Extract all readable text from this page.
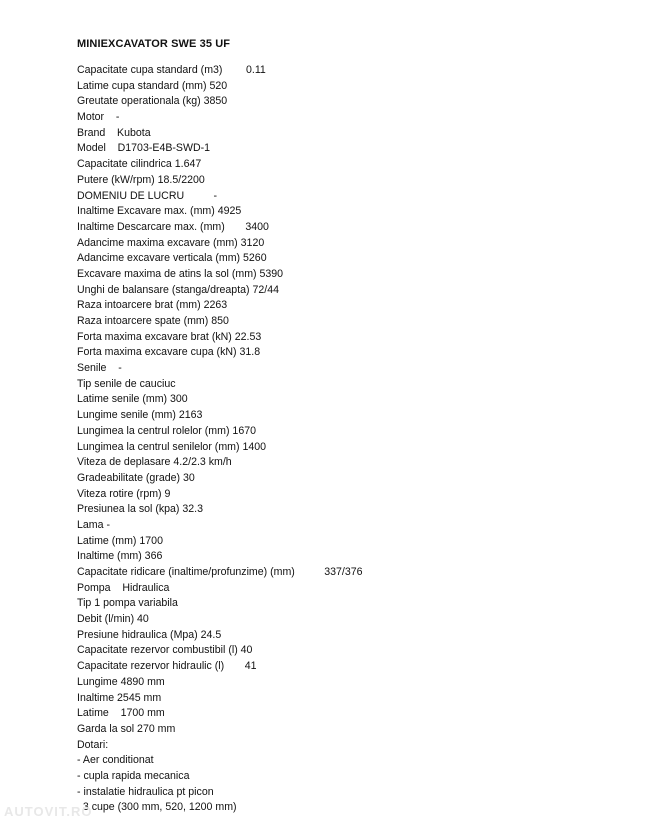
MINIEXCAVATOR SWE 35 UF
Capacitate cupa standard (m3)        0.11
Latime cupa standard (mm) 520
Greutate operationala (kg) 3850
Motor    -
Brand    Kubota
Model    D1703-E4B-SWD-1
Capacitate cilindrica 1.647
Putere (kW/rpm) 18.5/2200
DOMENIU DE LUCRU          -
Inaltime Excavare max. (mm) 4925
Inaltime Descarcare max. (mm)       3400
Adancime maxima excavare (mm) 3120
Adancime excavare verticala (mm) 5260
Excavare maxima de atins la sol (mm) 5390
Unghi de balansare (stanga/dreapta) 72/44
Raza intoarcere brat (mm) 2263
Raza intoarcere spate (mm) 850
Forta maxima excavare brat (kN) 22.53
Forta maxima excavare cupa (kN) 31.8
Senile    -
Tip senile de cauciuc
Latime senile (mm) 300
Lungime senile (mm) 2163
Lungimea la centrul rolelor (mm) 1670
Lungimea la centrul senilelor (mm) 1400
Viteza de deplasare 4.2/2.3 km/h
Gradeabilitate (grade) 30
Viteza rotire (rpm) 9
Presiunea la sol (kpa) 32.3
Lama -
Latime (mm) 1700
Inaltime (mm) 366
Capacitate ridicare (inaltime/profunzime) (mm)          337/376
Pompa    Hidraulica
Tip 1 pompa variabila
Debit (l/min) 40
Presiune hidraulica (Mpa) 24.5
Capacitate rezervor combustibil (l) 40
Capacitate rezervor hidraulic (l)       41
Lungime 4890 mm
Inaltime 2545 mm
Latime    1700 mm
Garda la sol 270 mm
Dotari:
- Aer conditionat
- cupla rapida mecanica
- instalatie hidraulica pt picon
3 cupe (300 mm, 520, 1200 mm)
AUTOVIT.RO
